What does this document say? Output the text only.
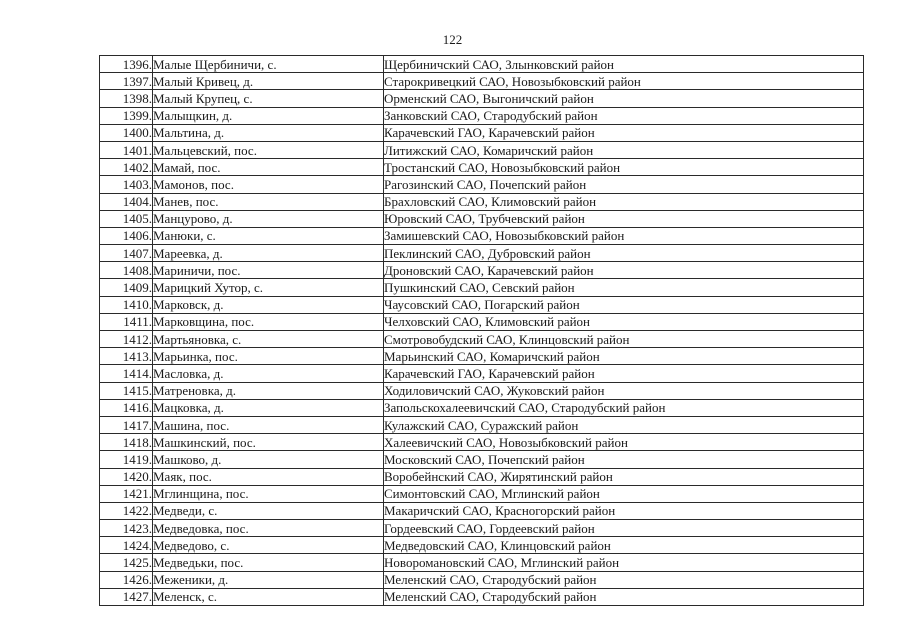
122
1396.	Малые Щербиничи, с.	Щербиничский САО, Злынковский район
1397.	Малый Кривец, д.	Старокривецкий САО, Новозыбковский район
1398.	Малый Крупец, с.	Орменский САО, Выгоничский район
1399.	Малыщкин, д.	Занковский САО, Стародубский район
1400.	Мальтина, д.	Карачевский ГАО, Карачевский район
1401.	Мальцевский, пос.	Литижский САО, Комаричский район
1402.	Мамай, пос.	Тростанский САО, Новозыбковский район
1403.	Мамонов, пос.	Рагозинский САО, Почепский район
1404.	Манев, пос.	Брахловский САО, Климовский район
1405.	Манцурово, д.	Юровский САО, Трубчевский район
1406.	Манюки, с.	Замишевский САО, Новозыбковский район
1407.	Мареевка, д.	Пеклинский САО, Дубровский район
1408.	Мариничи, пос.	Дроновский САО, Карачевский район
1409.	Марицкий Хутор, с.	Пушкинский САО, Севский район
1410.	Марковск, д.	Чаусовский САО, Погарский район
1411.	Марковщина, пос.	Челховский САО, Климовский район
1412.	Мартьяновка, с.	Смотровобудский САО, Клинцовский район
1413.	Марьинка, пос.	Марьинский САО, Комаричский район
1414.	Масловка, д.	Карачевский ГАО, Карачевский район
1415.	Матреновка, д.	Ходиловичский САО, Жуковский район
1416.	Мацковка, д.	Запольскохалеевичский САО, Стародубский район
1417.	Машина, пос.	Кулажский САО, Суражский район
1418.	Машкинский, пос.	Халеевичский САО, Новозыбковский район
1419.	Машково, д.	Московский САО, Почепский район
1420.	Маяк, пос.	Воробейнский САО, Жирятинский район
1421.	Мглинщина, пос.	Симонтовский САО, Мглинский район
1422.	Медведи, с.	Макаричский САО, Красногорский район
1423.	Медведовка, пос.	Гордеевский САО, Гордеевский район
1424.	Медведово, с.	Медведовский САО, Клинцовский район
1425.	Медведьки, пос.	Новоромановский САО, Мглинский район
1426.	Меженики, д.	Меленский САО, Стародубский район
1427.	Меленск, с.	Меленский САО, Стародубский район
